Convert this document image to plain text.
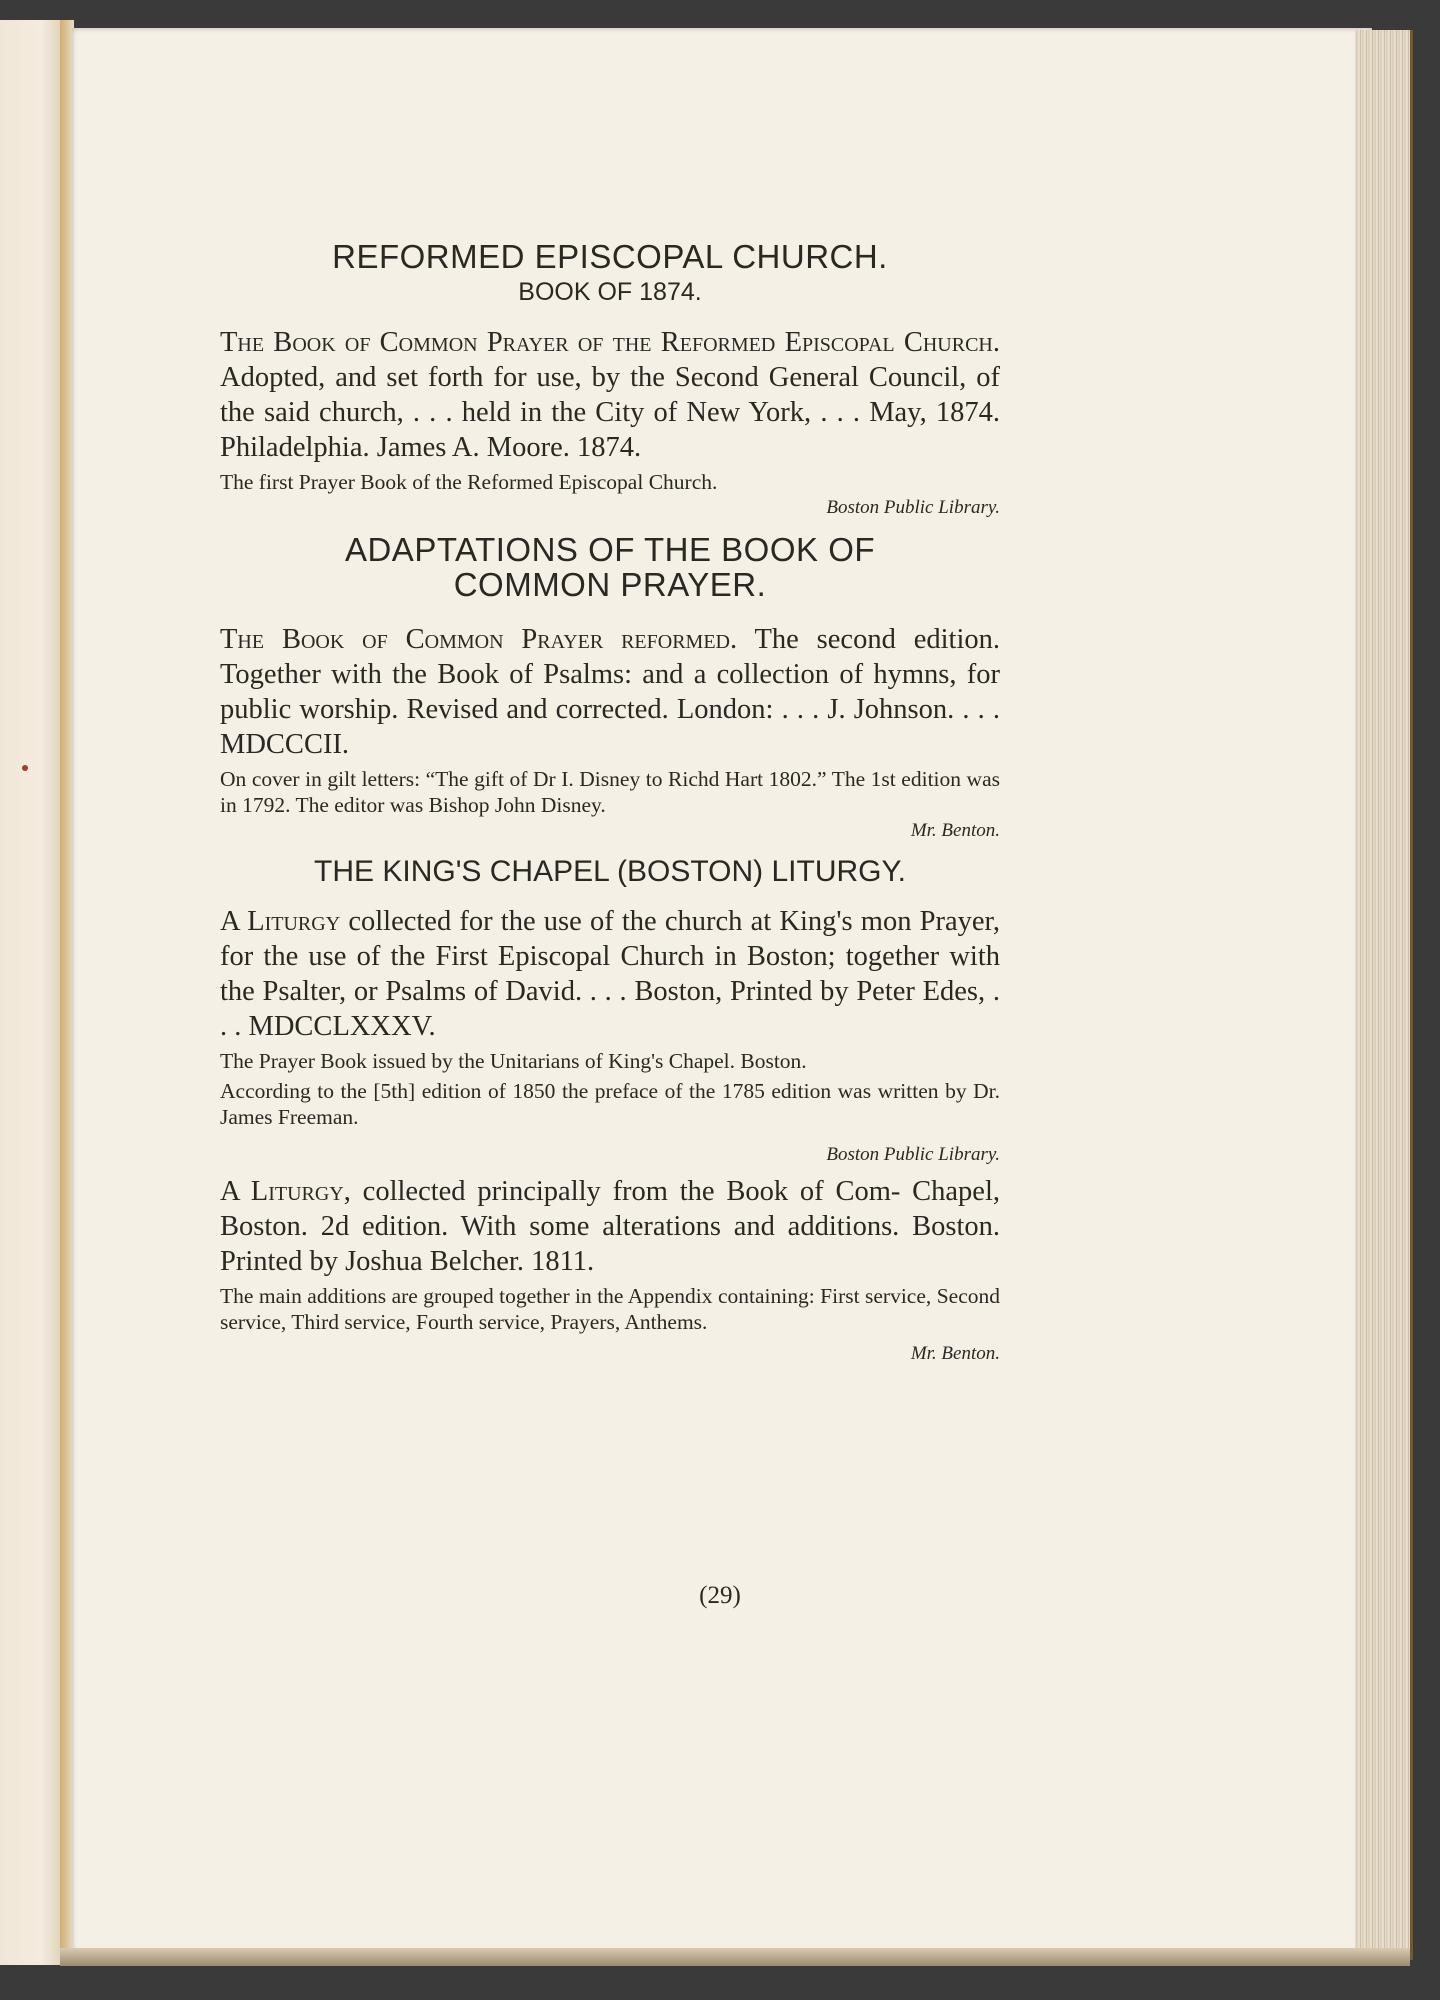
REFORMED EPISCOPAL CHURCH.
BOOK OF 1874.

The Book of Common Prayer of the Reformed Episcopal Church. Adopted, and set forth for use, by the Second General Council, of the said church, . . . held in the City of New York, . . . May, 1874. Philadelphia. James A. Moore. 1874.

The first Prayer Book of the Reformed Episcopal Church.

Boston Public Library.

ADAPTATIONS OF THE BOOK OF COMMON PRAYER.

The Book of Common Prayer reformed. The second edition. Together with the Book of Psalms: and a collection of hymns, for public worship. Revised and corrected. London: . . . J. Johnson. . . . MDCCCII.

On cover in gilt letters: “The gift of Dr I. Disney to Richd Hart 1802.” The 1st edition was in 1792. The editor was Bishop John Disney.

Mr. Benton.

THE KING'S CHAPEL (BOSTON) LITURGY.

A Liturgy collected for the use of the church at King's mon Prayer, for the use of the First Episcopal Church in Boston; together with the Psalter, or Psalms of David. . . . Boston, Printed by Peter Edes, . . . MDCCLXXXV.

The Prayer Book issued by the Unitarians of King's Chapel. Boston.

According to the [5th] edition of 1850 the preface of the 1785 edition was written by Dr. James Freeman.

Boston Public Library.

A Liturgy, collected principally from the Book of Com- Chapel, Boston. 2d edition. With some alterations and additions. Boston. Printed by Joshua Belcher. 1811.

The main additions are grouped together in the Appendix containing: First service, Second service, Third service, Fourth service, Prayers, Anthems.

Mr. Benton.

(29)
